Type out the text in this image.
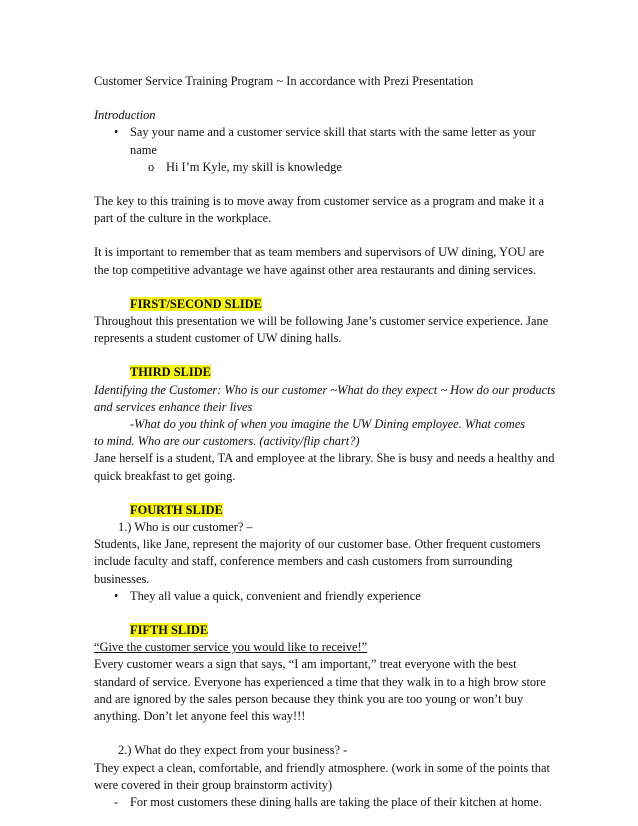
Customer Service Training Program ~ In accordance with Prezi Presentation

Introduction

• Say your name and a customer service skill that starts with the same letter as your name
o Hi I’m Kyle, my skill is knowledge

The key to this training is to move away from customer service as a program and make it a part of the culture in the workplace.

It is important to remember that as team members and supervisors of UW dining, YOU are the top competitive advantage we have against other area restaurants and dining services.

FIRST/SECOND SLIDE

Throughout this presentation we will be following Jane’s customer service experience. Jane represents a student customer of UW dining halls.

THIRD SLIDE

Identifying the Customer: Who is our customer ~What do they expect ~ How do our products and services enhance their lives

-What do you think of when you imagine the UW Dining employee. What comes

to mind. Who are our customers. (activity/flip chart?)

Jane herself is a student, TA and employee at the library. She is busy and needs a healthy and quick breakfast to get going.

FOURTH SLIDE

1.) Who is our customer? –

Students, like Jane, represent the majority of our customer base. Other frequent customers include faculty and staff, conference members and cash customers from surrounding businesses.

• They all value a quick, convenient and friendly experience

FIFTH SLIDE

“Give the customer service you would like to receive!”

Every customer wears a sign that says, “I am important,” treat everyone with the best standard of service. Everyone has experienced a time that they walk in to a high brow store and are ignored by the sales person because they think you are too young or won’t buy anything. Don’t let anyone feel this way!!!

2.) What do they expect from your business? -

They expect a clean, comfortable, and friendly atmosphere. (work in some of the points that were covered in their group brainstorm activity)

- For most customers these dining halls are taking the place of their kitchen at home.
